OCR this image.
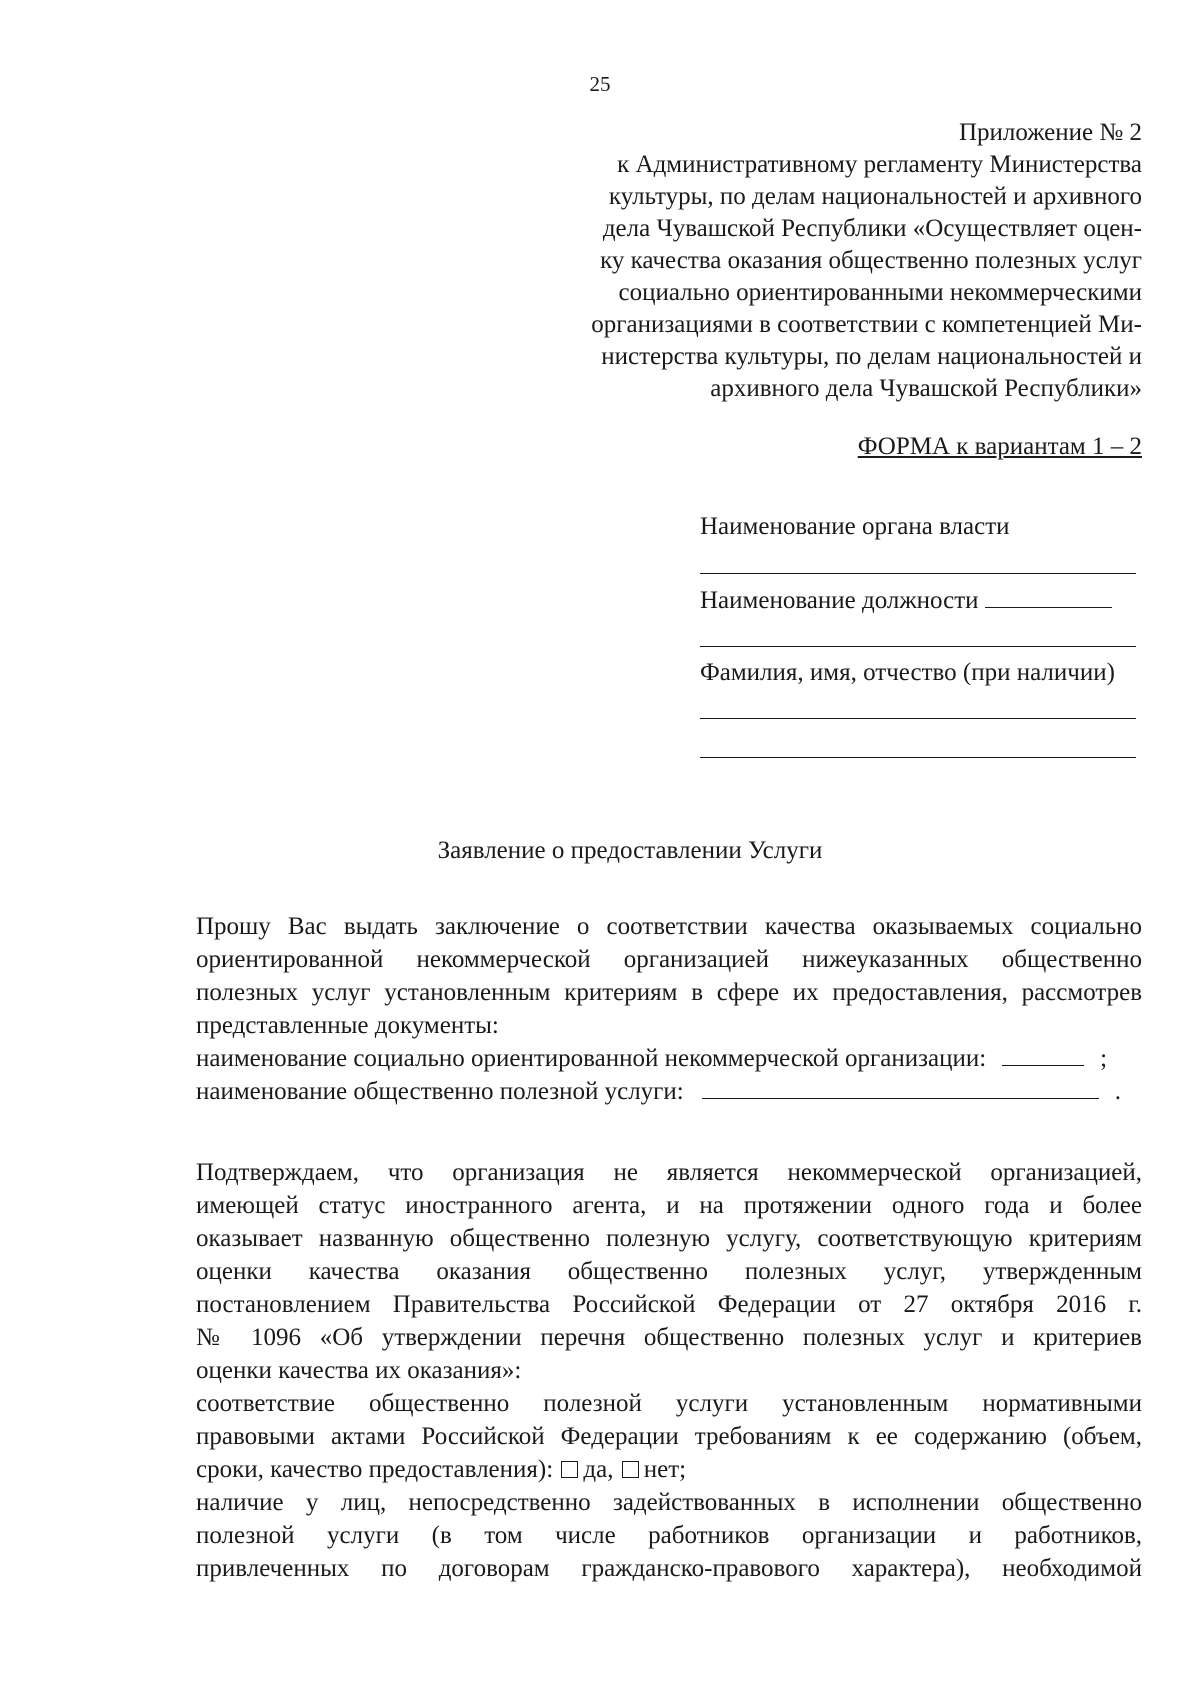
25
Приложение № 2
к Административному регламенту Министерства
культуры, по делам национальностей и архивного
дела Чувашской Республики «Осуществляет оцен-
ку качества оказания общественно полезных услуг
социально ориентированными некоммерческими
организациями в соответствии с компетенцией Ми-
нистерства культуры, по делам национальностей и
архивного дела Чувашской Республики»
ФОРМА к вариантам 1 – 2
Наименование органа власти
Наименование должности
Фамилия, имя, отчество (при наличии)
Заявление о предоставлении Услуги
Прошу Вас выдать заключение о соответствии качества оказываемых социально
ориентированной некоммерческой организацией нижеуказанных общественно
полезных услуг установленным критериям в сфере их предоставления, рассмотрев
представленные документы:
наименование социально ориентированной некоммерческой организации:	;
наименование общественно полезной услуги:	.
Подтверждаем, что организация не является некоммерческой организацией,
имеющей статус иностранного агента, и на протяжении одного года и более
оказывает названную общественно полезную услугу, соответствующую критериям
оценки качества оказания общественно полезных услуг, утвержденным
постановлением Правительства Российской Федерации от 27 октября 2016 г.
№ 1096 «Об утверждении перечня общественно полезных услуг и критериев
оценки качества их оказания»:
соответствие общественно полезной услуги установленным нормативными
правовыми актами Российской Федерации требованиям к ее содержанию (объем,
сроки, качество предоставления): да, нет;
наличие у лиц, непосредственно задействованных в исполнении общественно
полезной услуги (в том числе работников организации и работников,
привлеченных по договорам гражданско-правового характера), необходимой
